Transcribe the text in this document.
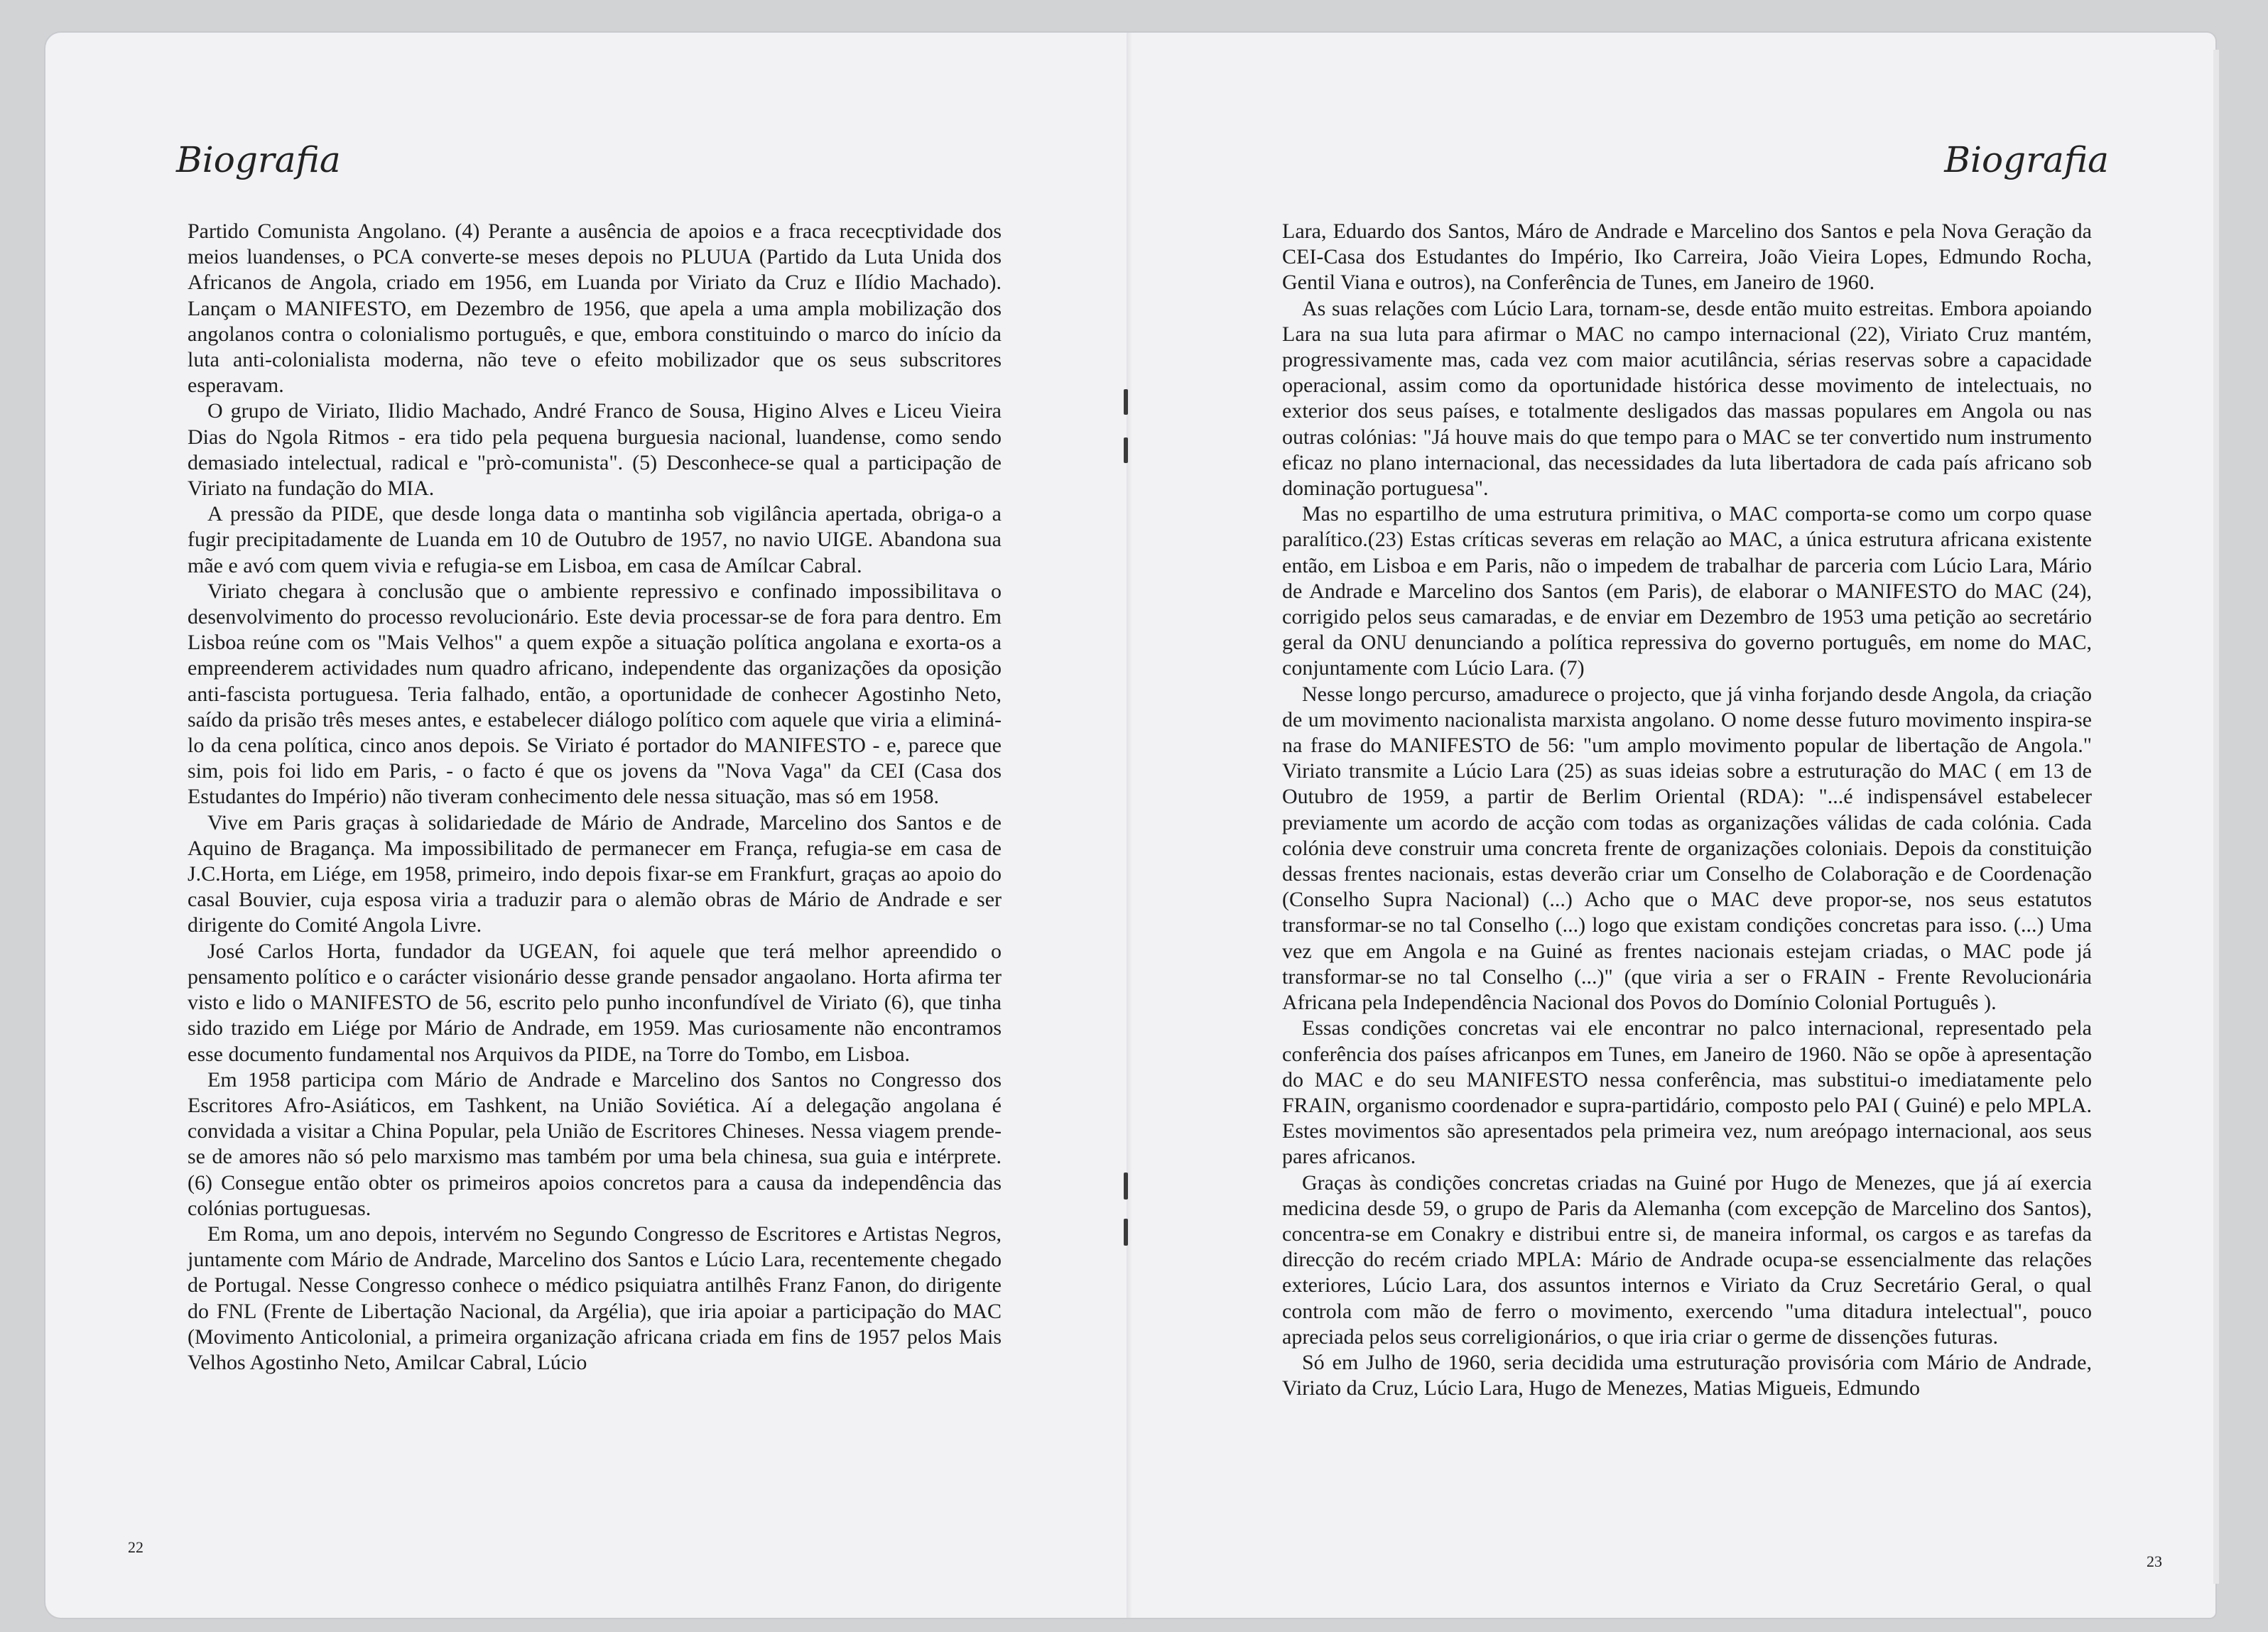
Biografia

Partido Comunista Angolano. (4) Perante a ausência de apoios e a fraca rececptividade dos meios luandenses, o PCA converte-se meses depois no PLUUA (Partido da Luta Unida dos Africanos de Angola, criado em 1956, em Luanda por Viriato da Cruz e Ilídio Machado). Lançam o MANIFESTO, em Dezembro de 1956, que apela a uma ampla mobilização dos angolanos contra o colonialismo português, e que, embora constituindo o marco do início da luta anti-colonialista moderna, não teve o efeito mobilizador que os seus subscritores esperavam.

O grupo de Viriato, Ilidio Machado, André Franco de Sousa, Higino Alves e Liceu Vieira Dias do Ngola Ritmos - era tido pela pequena burguesia nacional, luandense, como sendo demasiado intelectual, radical e "prò-comunista". (5) Desconhece-se qual a participação de Viriato na fundação do MIA.

A pressão da PIDE, que desde longa data o mantinha sob vigilância apertada, obriga-o a fugir precipitadamente de Luanda em 10 de Outubro de 1957, no navio UIGE. Abandona sua mãe e avó com quem vivia e refugia-se em Lisboa, em casa de Amílcar Cabral.

Viriato chegara à conclusão que o ambiente repressivo e confinado impossibilitava o desenvolvimento do processo revolucionário. Este devia processar-se de fora para dentro. Em Lisboa reúne com os "Mais Velhos" a quem expõe a situação política angolana e exorta-os a empreenderem actividades num quadro africano, independente das organizações da oposição anti-fascista portuguesa. Teria falhado, então, a oportunidade de conhecer Agostinho Neto, saído da prisão três meses antes, e estabelecer diálogo político com aquele que viria a eliminá-lo da cena política, cinco anos depois. Se Viriato é portador do MANIFESTO - e, parece que sim, pois foi lido em Paris, - o facto é que os jovens da "Nova Vaga" da CEI (Casa dos Estudantes do Império) não tiveram conhecimento dele nessa situação, mas só em 1958.

Vive em Paris graças à solidariedade de Mário de Andrade, Marcelino dos Santos e de Aquino de Bragança. Ma impossibilitado de permanecer em França, refugia-se em casa de J.C.Horta, em Liége, em 1958, primeiro, indo depois fixar-se em Frankfurt, graças ao apoio do casal Bouvier, cuja esposa viria a traduzir para o alemão obras de Mário de Andrade e ser dirigente do Comité Angola Livre.

José Carlos Horta, fundador da UGEAN, foi aquele que terá melhor apreendido o pensamento político e o carácter visionário desse grande pensador angaolano. Horta afirma ter visto e lido o MANIFESTO de 56, escrito pelo punho inconfundível de Viriato (6), que tinha sido trazido em Liége por Mário de Andrade, em 1959. Mas curiosamente não encontramos esse documento fundamental nos Arquivos da PIDE, na Torre do Tombo, em Lisboa.

Em 1958 participa com Mário de Andrade e Marcelino dos Santos no Congresso dos Escritores Afro-Asiáticos, em Tashkent, na União Soviética. Aí a delegação angolana é convidada a visitar a China Popular, pela União de Escritores Chineses. Nessa viagem prende-se de amores não só pelo marxismo mas também por uma bela chinesa, sua guia e intérprete. (6) Consegue então obter os primeiros apoios concretos para a causa da independência das colónias portuguesas.

Em Roma, um ano depois, intervém no Segundo Congresso de Escritores e Artistas Negros, juntamente com Mário de Andrade, Marcelino dos Santos e Lúcio Lara, recentemente chegado de Portugal. Nesse Congresso conhece o médico psiquiatra antilhês Franz Fanon, do dirigente do FNL (Frente de Libertação Nacional, da Argélia), que iria apoiar a participação do MAC (Movimento Anticolonial, a primeira organização africana criada em fins de 1957 pelos Mais Velhos Agostinho Neto, Amilcar Cabral, Lúcio

22
Biografia

Lara, Eduardo dos Santos, Máro de Andrade e Marcelino dos Santos e pela Nova Geração da CEI-Casa dos Estudantes do Império, Iko Carreira, João Vieira Lopes, Edmundo Rocha, Gentil Viana e outros), na Conferência de Tunes, em Janeiro de 1960.

As suas relações com Lúcio Lara, tornam-se, desde então muito estreitas. Embora apoiando Lara na sua luta para afirmar o MAC no campo internacional (22), Viriato Cruz mantém, progressivamente mas, cada vez com maior acutilância, sérias reservas sobre a capacidade operacional, assim como da oportunidade histórica desse movimento de intelectuais, no exterior dos seus países, e totalmente desligados das massas populares em Angola ou nas outras colónias: "Já houve mais do que tempo para o MAC se ter convertido num instrumento eficaz no plano internacional, das necessidades da luta libertadora de cada país africano sob dominação portuguesa".

Mas no espartilho de uma estrutura primitiva, o MAC comporta-se como um corpo quase paralítico.(23) Estas críticas severas em relação ao MAC, a única estrutura africana existente então, em Lisboa e em Paris, não o impedem de trabalhar de parceria com Lúcio Lara, Mário de Andrade e Marcelino dos Santos (em Paris), de elaborar o MANIFESTO do MAC (24), corrigido pelos seus camaradas, e de enviar em Dezembro de 1953 uma petição ao secretário geral da ONU denunciando a política repressiva do governo português, em nome do MAC, conjuntamente com Lúcio Lara. (7)

Nesse longo percurso, amadurece o projecto, que já vinha forjando desde Angola, da criação de um movimento nacionalista marxista angolano. O nome desse futuro movimento inspira-se na frase do MANIFESTO de 56: "um amplo movimento popular de libertação de Angola." Viriato transmite a Lúcio Lara (25) as suas ideias sobre a estruturação do MAC ( em 13 de Outubro de 1959, a partir de Berlim Oriental (RDA): "...é indispensável estabelecer previamente um acordo de acção com todas as organizações válidas de cada colónia. Cada colónia deve construir uma concreta frente de organizações coloniais. Depois da constituição dessas frentes nacionais, estas deverão criar um Conselho de Colaboração e de Coordenação (Conselho Supra Nacional) (...) Acho que o MAC deve propor-se, nos seus estatutos transformar-se no tal Conselho (...) logo que existam condições concretas para isso. (...) Uma vez que em Angola e na Guiné as frentes nacionais estejam criadas, o MAC pode já transformar-se no tal Conselho (...)" (que viria a ser o FRAIN - Frente Revolucionária Africana pela Independência Nacional dos Povos do Domínio Colonial Português ).

Essas condições concretas vai ele encontrar no palco internacional, representado pela conferência dos países africanpos em Tunes, em Janeiro de 1960. Não se opõe à apresentação do MAC e do seu MANIFESTO nessa conferência, mas substitui-o imediatamente pelo FRAIN, organismo coordenador e supra-partidário, composto pelo PAI ( Guiné) e pelo MPLA. Estes movimentos são apresentados pela primeira vez, num areópago internacional, aos seus pares africanos.

Graças às condições concretas criadas na Guiné por Hugo de Menezes, que já aí exercia medicina desde 59, o grupo de Paris da Alemanha (com excepção de Marcelino dos Santos), concentra-se em Conakry e distribui entre si, de maneira informal, os cargos e as tarefas da direcção do recém criado MPLA: Mário de Andrade ocupa-se essencialmente das relações exteriores, Lúcio Lara, dos assuntos internos e Viriato da Cruz Secretário Geral, o qual controla com mão de ferro o movimento, exercendo "uma ditadura intelectual", pouco apreciada pelos seus correligionários, o que iria criar o germe de dissenções futuras.

Só em Julho de 1960, seria decidida uma estruturação provisória com Mário de Andrade, Viriato da Cruz, Lúcio Lara, Hugo de Menezes, Matias Migueis, Edmundo

23
